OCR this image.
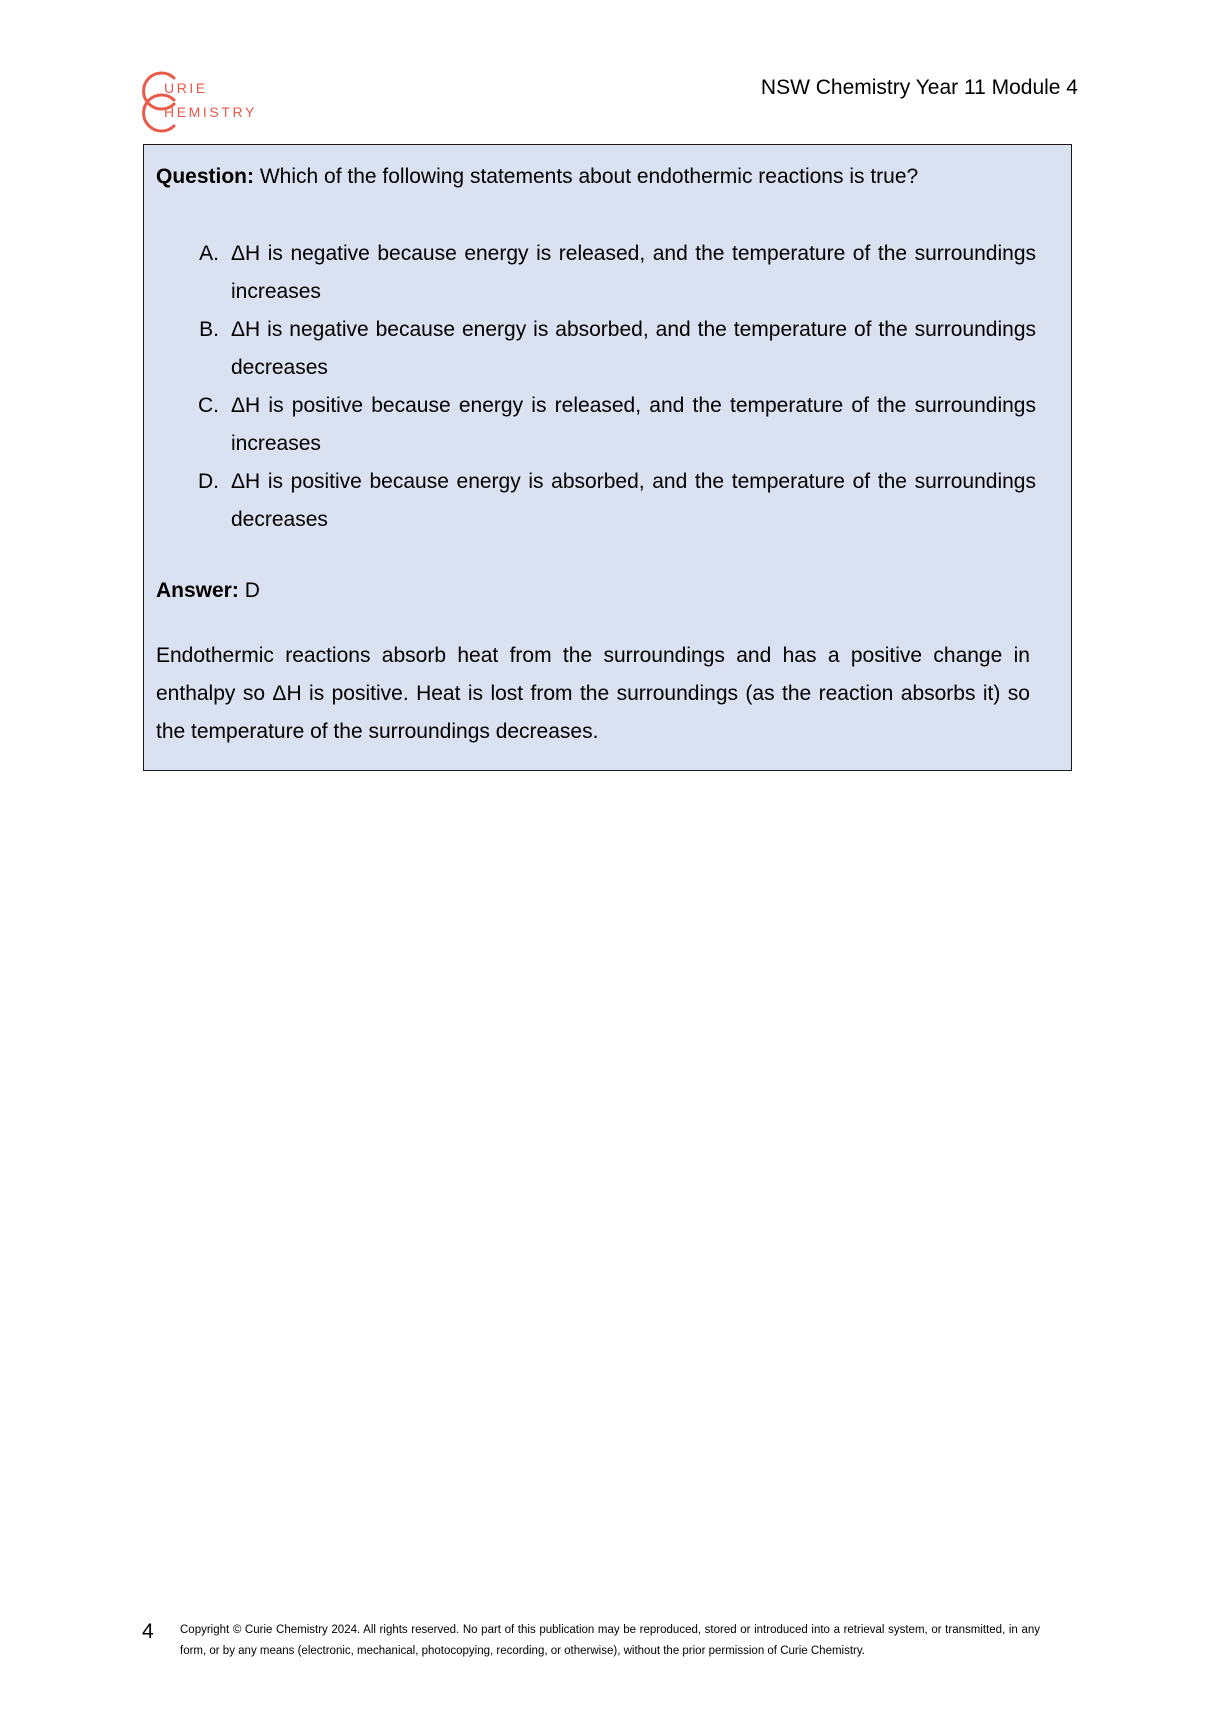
URIE
HEMISTRY
NSW Chemistry Year 11 Module 4
Question: Which of the following statements about endothermic reactions is true?
A. ΔH is negative because energy is released, and the temperature of the surroundings increases
B. ΔH is negative because energy is absorbed, and the temperature of the surroundings decreases
C. ΔH is positive because energy is released, and the temperature of the surroundings increases
D. ΔH is positive because energy is absorbed, and the temperature of the surroundings decreases
Answer: D
Endothermic reactions absorb heat from the surroundings and has a positive change in enthalpy so ΔH is positive. Heat is lost from the surroundings (as the reaction absorbs it) so the temperature of the surroundings decreases.
4 Copyright © Curie Chemistry 2024. All rights reserved. No part of this publication may be reproduced, stored or introduced into a retrieval system, or transmitted, in any form, or by any means (electronic, mechanical, photocopying, recording, or otherwise), without the prior permission of Curie Chemistry.
